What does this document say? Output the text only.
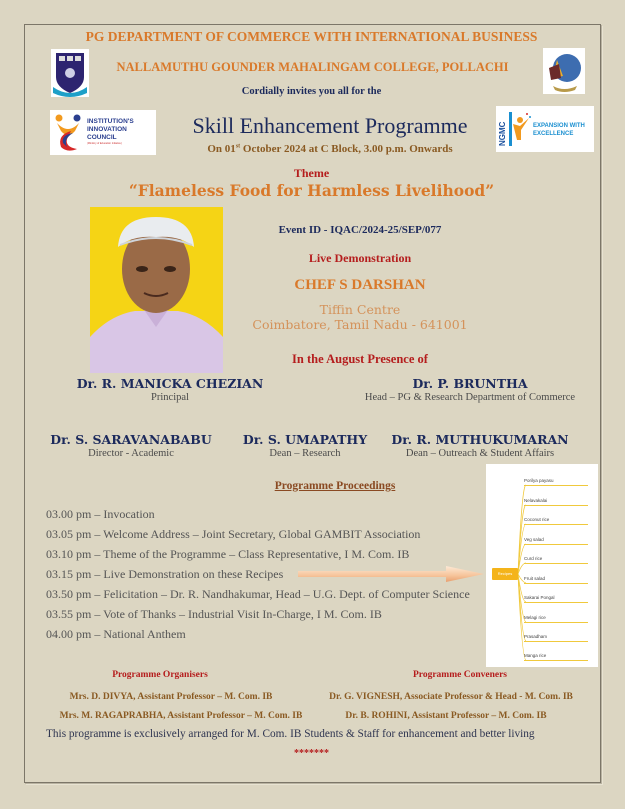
PG DEPARTMENT OF COMMERCE WITH INTERNATIONAL BUSINESS
NALLAMUTHU GOUNDER MAHALINGAM COLLEGE, POLLACHI
Cordially invites you all for the
INSTITUTION'S
INNOVATION
COUNCIL
(Ministry of Education Initiative)
Skill Enhancement Programme
On 01st October 2024 at C Block, 3.00 p.m. Onwards
NGMC	EXPANSION WITH
EXCELLENCE
Theme
“Flameless Food for Harmless Livelihood”
Event ID - IQAC/2024-25/SEP/077
Live Demonstration
CHEF S DARSHAN
Tiffin Centre
Coimbatore, Tamil Nadu - 641001
In the August Presence of
Dr. R. MANICKA CHEZIAN
Principal
Dr. P. BRUNTHA
Head – PG & Research Department of Commerce
Dr. S. SARAVANABABU
Director - Academic
Dr. S. UMAPATHY
Dean – Research
Dr. R. MUTHUKUMARAN
Dean – Outreach & Student Affairs
Programme Proceedings
03.00 pm – Invocation
03.05 pm – Welcome Address – Joint Secretary, Global GAMBIT Association
03.10 pm – Theme of the Programme – Class Representative, I M. Com. IB
03.15 pm – Live Demonstration on these Recipes
03.50 pm – Felicitation – Dr. R. Nandhakumar, Head – U.G. Dept. of Computer Science
03.55 pm – Vote of Thanks – Industrial Visit In-Charge, I M. Com. IB
04.00 pm – National Anthem
Recipes
Porilya payasu
Nelavakalai
Coconut rice
Veg salad
Curd rice
Fruit salad
Sakarai Pongal
Melagi rice
Prasadham
Manga rice
Programme Organisers	Programme Conveners
Mrs. D. DIVYA, Assistant Professor – M. Com. IB	Dr. G. VIGNESH, Associate Professor & Head - M. Com. IB
Mrs. M. RAGAPRABHA, Assistant Professor – M. Com. IB	Dr. B. ROHINI, Assistant Professor – M. Com. IB
This programme is exclusively arranged for M. Com. IB Students & Staff for enhancement and better living
*******
